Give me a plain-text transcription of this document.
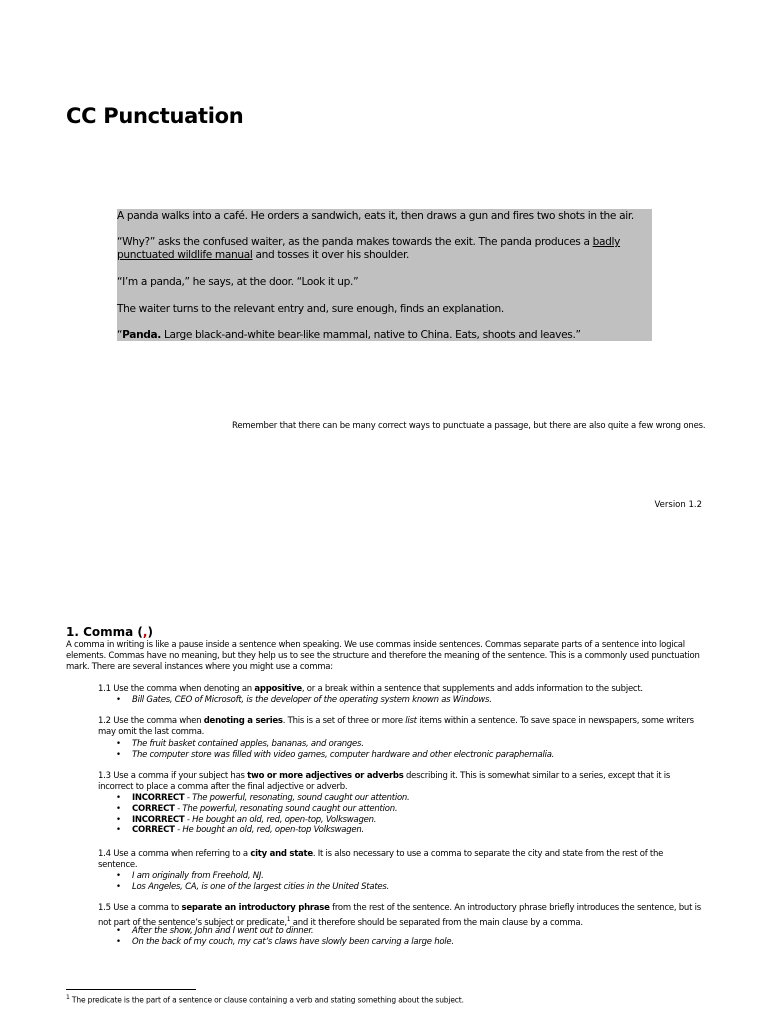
CC Punctuation

A panda walks into a café. He orders a sandwich, eats it, then draws a gun and fires two shots in the air.

“Why?” asks the confused waiter, as the panda makes towards the exit. The panda produces a badly punctuated wildlife manual and tosses it over his shoulder.

“I’m a panda,” he says, at the door. “Look it up.”

The waiter turns to the relevant entry and, sure enough, finds an explanation.

“Panda. Large black-and-white bear-like mammal, native to China. Eats, shoots and leaves.”

Remember that there can be many correct ways to punctuate a passage, but there are also quite a few wrong ones.
Version 1.2
1. Comma (,)

A comma in writing is like a pause inside a sentence when speaking. We use commas inside sentences. Commas separate parts of a sentence into logical elements. Commas have no meaning, but they help us to see the structure and therefore the meaning of the sentence. This is a commonly used punctuation mark. There are several instances where you might use a comma:

1.1 Use the comma when denoting an appositive, or a break within a sentence that supplements and adds information to the subject.

• Bill Gates, CEO of Microsoft, is the developer of the operating system known as Windows.

1.2 Use the comma when denoting a series. This is a set of three or more list items within a sentence. To save space in newspapers, some writers may omit the last comma.

• The fruit basket contained apples, bananas, and oranges.
• The computer store was filled with video games, computer hardware and other electronic paraphernalia.

1.3 Use a comma if your subject has two or more adjectives or adverbs describing it. This is somewhat similar to a series, except that it is incorrect to place a comma after the final adjective or adverb.

• INCORRECT - The powerful, resonating, sound caught our attention.
• CORRECT - The powerful, resonating sound caught our attention.
• INCORRECT - He bought an old, red, open-top, Volkswagen.
• CORRECT - He bought an old, red, open-top Volkswagen.

1.4 Use a comma when referring to a city and state. It is also necessary to use a comma to separate the city and state from the rest of the sentence.

• I am originally from Freehold, NJ.
• Los Angeles, CA, is one of the largest cities in the United States.

1.5 Use a comma to separate an introductory phrase from the rest of the sentence. An introductory phrase briefly introduces the sentence, but is not part of the sentence’s subject or predicate,$^1$ and it therefore should be separated from the main clause by a comma.

• After the show, John and I went out to dinner.
• On the back of my couch, my cat’s claws have slowly been carving a large hole.
$^1$ The predicate is the part of a sentence or clause containing a verb and stating something about the subject.
